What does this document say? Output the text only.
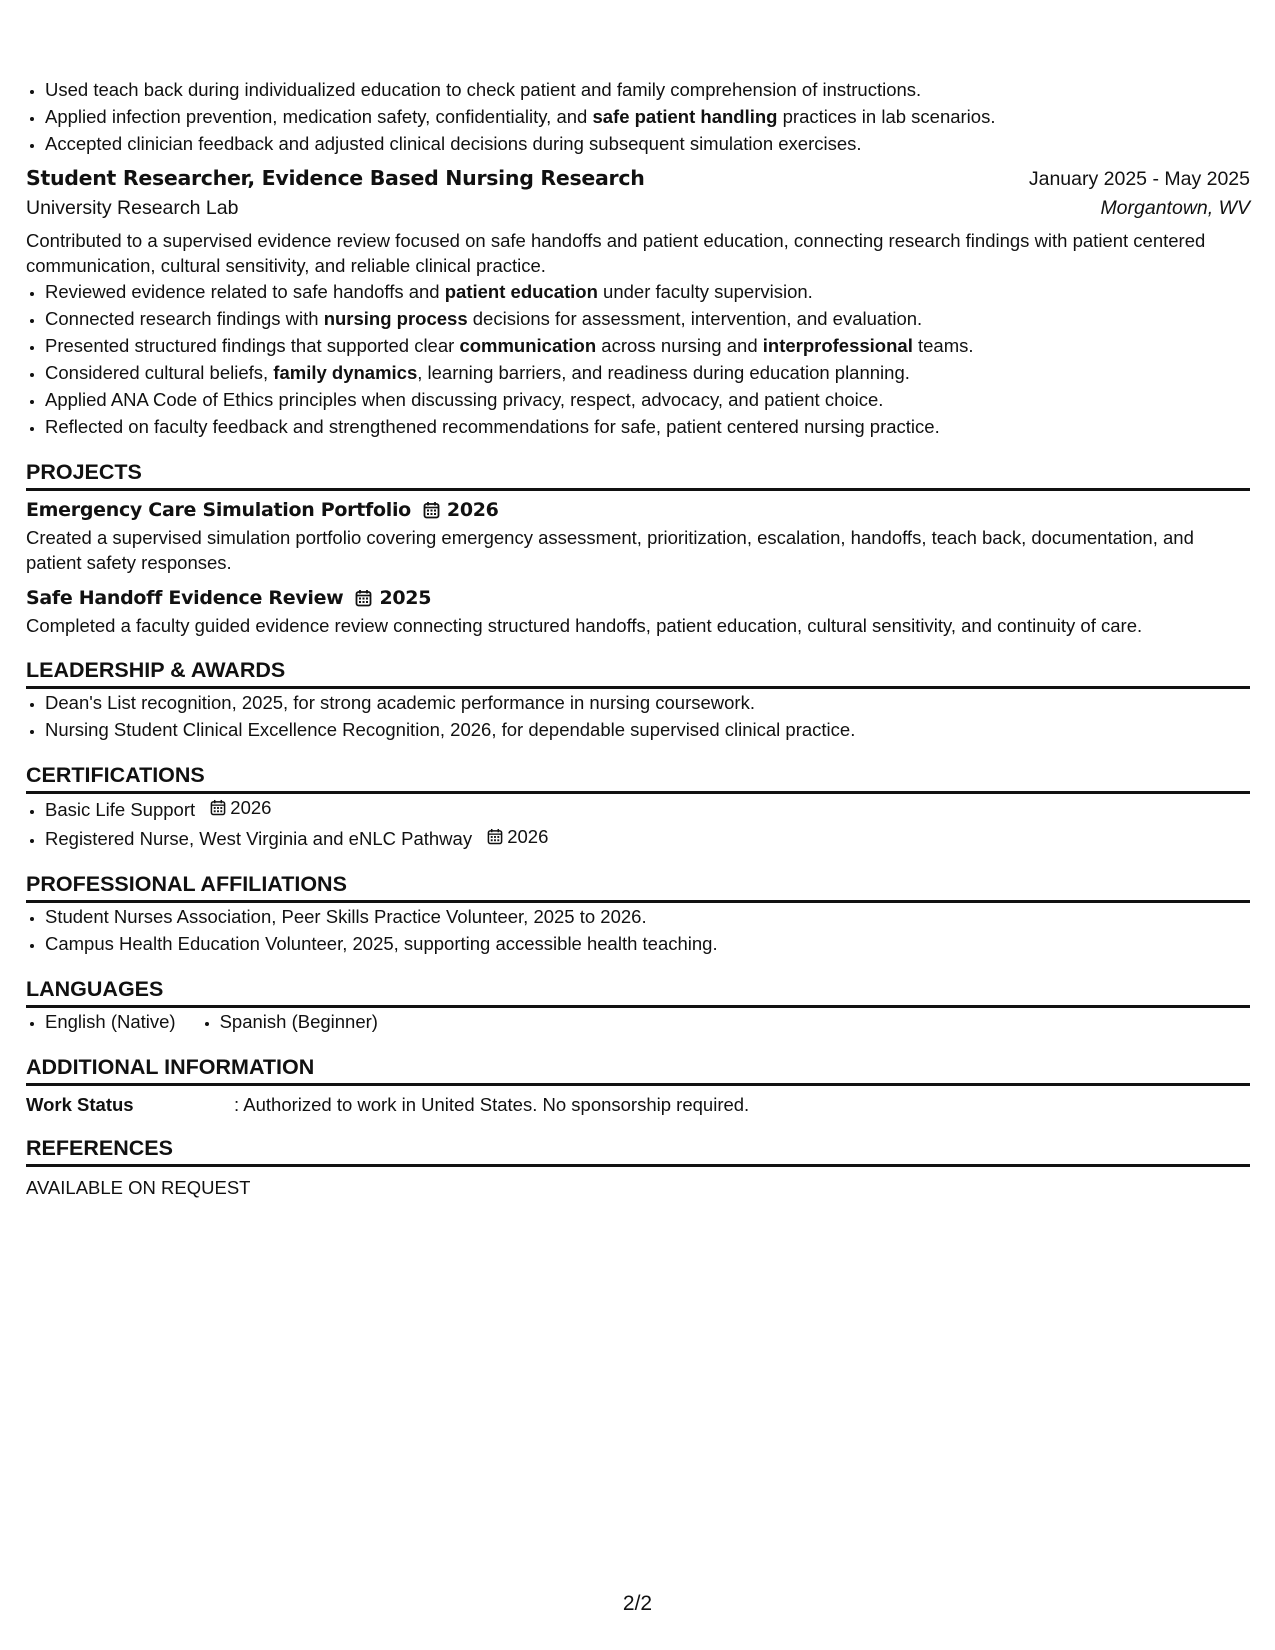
• Used teach back during individualized education to check patient and family comprehension of instructions.
• Applied infection prevention, medication safety, confidentiality, and safe patient handling practices in lab scenarios.
• Accepted clinician feedback and adjusted clinical decisions during subsequent simulation exercises.
Student Researcher, Evidence Based Nursing Research	January 2025 - May 2025
University Research Lab	Morgantown, WV
Contributed to a supervised evidence review focused on safe handoffs and patient education, connecting research findings with patient centered communication, cultural sensitivity, and reliable clinical practice.
• Reviewed evidence related to safe handoffs and patient education under faculty supervision.
• Connected research findings with nursing process decisions for assessment, intervention, and evaluation.
• Presented structured findings that supported clear communication across nursing and interprofessional teams.
• Considered cultural beliefs, family dynamics, learning barriers, and readiness during education planning.
• Applied ANA Code of Ethics principles when discussing privacy, respect, advocacy, and patient choice.
• Reflected on faculty feedback and strengthened recommendations for safe, patient centered nursing practice.
PROJECTS
Emergency Care Simulation Portfolio 2026
Created a supervised simulation portfolio covering emergency assessment, prioritization, escalation, handoffs, teach back, documentation, and patient safety responses.
Safe Handoff Evidence Review 2025
Completed a faculty guided evidence review connecting structured handoffs, patient education, cultural sensitivity, and continuity of care.
LEADERSHIP & AWARDS
• Dean's List recognition, 2025, for strong academic performance in nursing coursework.
• Nursing Student Clinical Excellence Recognition, 2026, for dependable supervised clinical practice.
CERTIFICATIONS
• Basic Life Support 2026
• Registered Nurse, West Virginia and eNLC Pathway 2026
PROFESSIONAL AFFILIATIONS
• Student Nurses Association, Peer Skills Practice Volunteer, 2025 to 2026.
• Campus Health Education Volunteer, 2025, supporting accessible health teaching.
LANGUAGES
• English (Native)
• Spanish (Beginner)
ADDITIONAL INFORMATION
Work Status	: Authorized to work in United States. No sponsorship required.
REFERENCES
AVAILABLE ON REQUEST
2/2
